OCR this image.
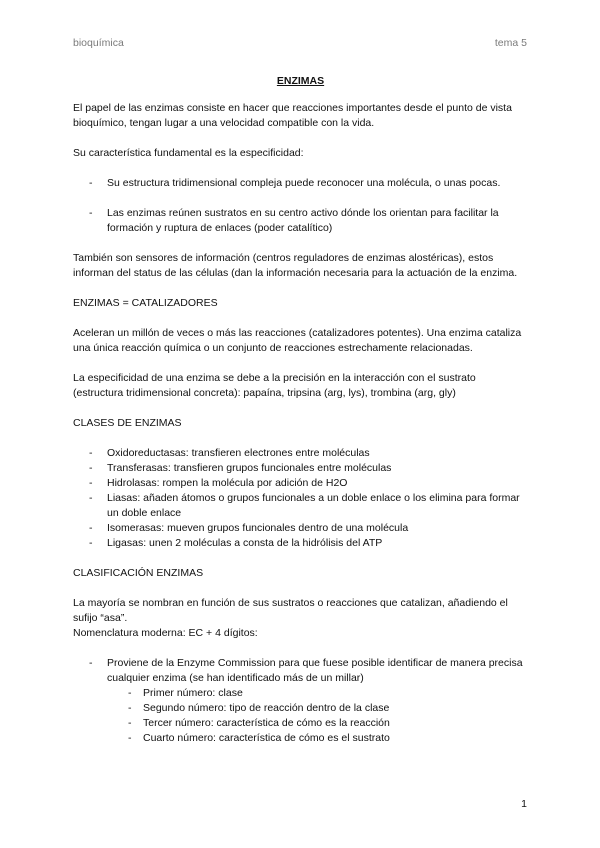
bioquímica	tema 5
ENZIMAS

El papel de las enzimas consiste en hacer que reacciones importantes desde el punto de vista bioquímico, tengan lugar a una velocidad compatible con la vida.

Su característica fundamental es la especificidad:

- Su estructura tridimensional compleja puede reconocer una molécula, o unas pocas.
- Las enzimas reúnen sustratos en su centro activo dónde los orientan para facilitar la formación y ruptura de enlaces (poder catalítico)

También son sensores de información (centros reguladores de enzimas alostéricas), estos informan del status de las células (dan la información necesaria para la actuación de la enzima.

ENZIMAS = CATALIZADORES

Aceleran un millón de veces o más las reacciones (catalizadores potentes). Una enzima cataliza una única reacción química o un conjunto de reacciones estrechamente relacionadas.

La especificidad de una enzima se debe a la precisión en la interacción con el sustrato (estructura tridimensional concreta): papaína, tripsina (arg, lys), trombina (arg, gly)

CLASES DE ENZIMAS
- Oxidoreductasas: transfieren electrones entre moléculas
- Transferasas: transfieren grupos funcionales entre moléculas
- Hidrolasas: rompen la molécula por adición de H2O
- Liasas: añaden átomos o grupos funcionales a un doble enlace o los elimina para formar un doble enlace
- Isomerasas: mueven grupos funcionales dentro de una molécula
- Ligasas: unen 2 moléculas a consta de la hidrólisis del ATP
CLASIFICACIÓN ENZIMAS

La mayoría se nombran en función de sus sustratos o reacciones que catalizan, añadiendo el sufijo “asa”.

Nomenclatura moderna: EC + 4 dígitos:

- Proviene de la Enzyme Commission para que fuese posible identificar de manera precisa cualquier enzima (se han identificado más de un millar)
- Primer número: clase
- Segundo número: tipo de reacción dentro de la clase
- Tercer número: característica de cómo es la reacción
- Cuarto número: característica de cómo es el sustrato
1
